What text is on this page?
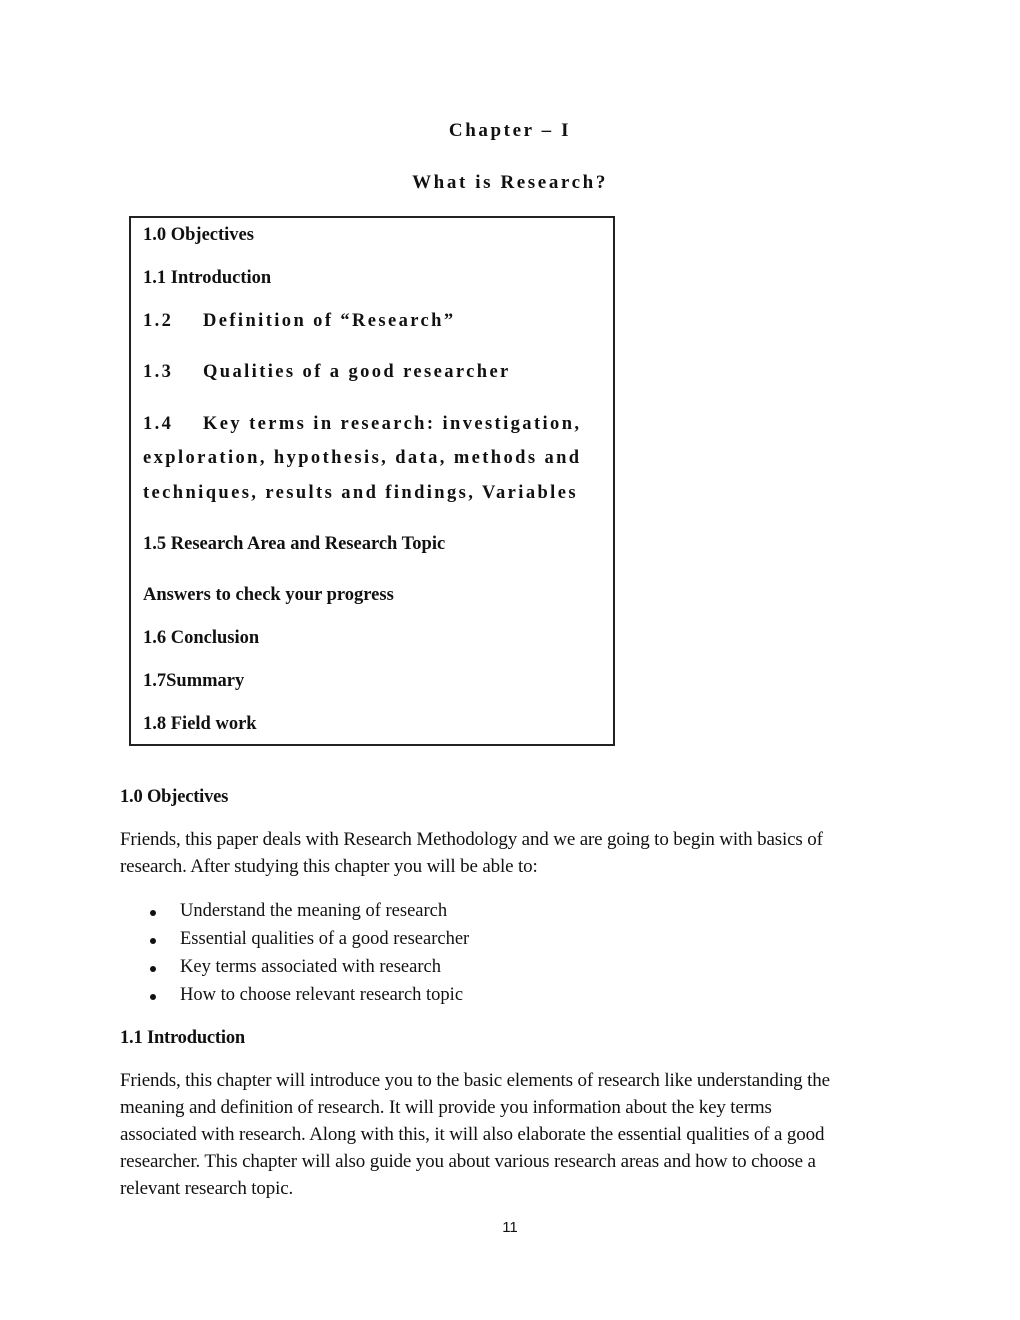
Chapter – I
What is Research?
1.0 Objectives
1.1 Introduction
1.2 Definition of “Research”
1.3 Qualities of a good researcher
1.4 Key terms in research: investigation,
exploration, hypothesis, data, methods and
techniques, results and findings, Variables
1.5 Research Area and Research Topic
Answers to check your progress
1.6 Conclusion
1.7Summary
1.8 Field work
1.0 Objectives
Friends, this paper deals with Research Methodology and we are going to begin with basics of
research. After studying this chapter you will be able to:
Understand the meaning of research
Essential qualities of a good researcher
Key terms associated with research
How to choose relevant research topic
1.1 Introduction
Friends, this chapter will introduce you to the basic elements of research like understanding the
meaning and definition of research. It will provide you information about the key terms
associated with research. Along with this, it will also elaborate the essential qualities of a good
researcher. This chapter will also guide you about various research areas and how to choose a
relevant research topic.
11
